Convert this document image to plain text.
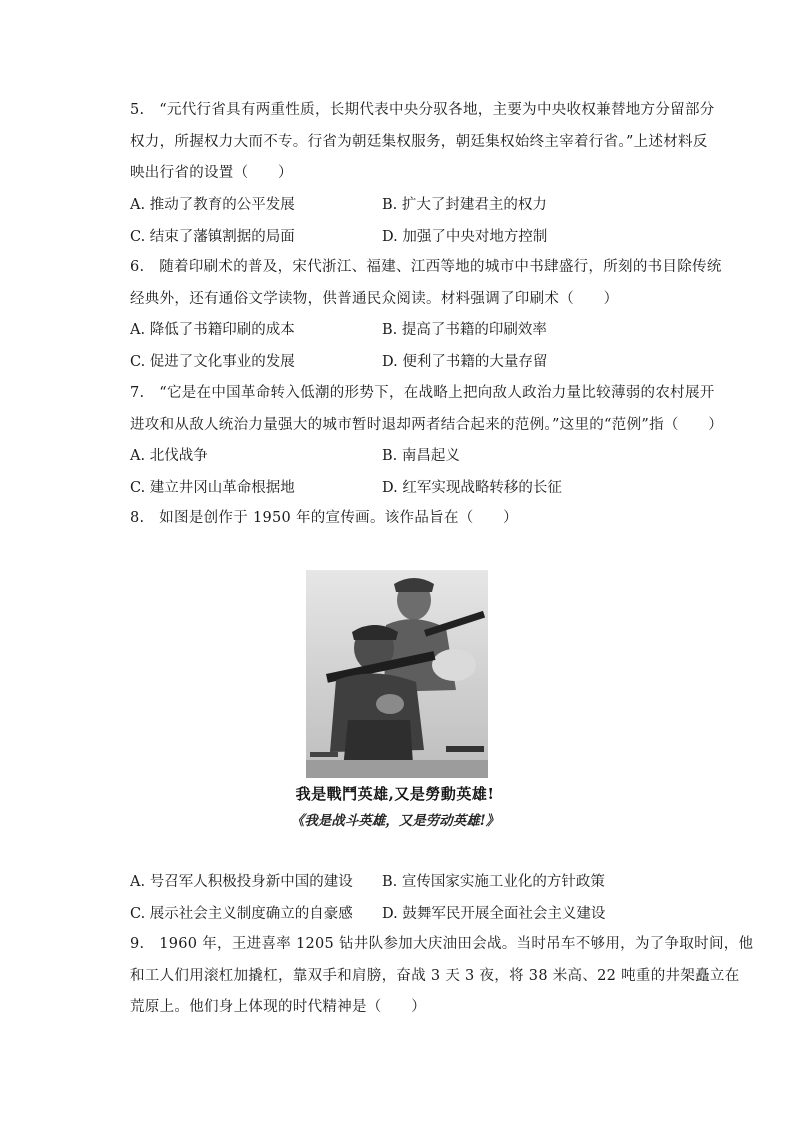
5.　“元代行省具有两重性质，长期代表中央分驭各地，主要为中央收权兼替地方分留部分

权力，所握权力大而不专。行省为朝廷集权服务，朝廷集权始终主宰着行省。”上述材料反

映出行省的设置（　　）

A. 推动了教育的公平发展	B. 扩大了封建君主的权力
C. 结束了藩镇割据的局面	D. 加强了中央对地方控制

6.　随着印刷术的普及，宋代浙江、福建、江西等地的城市中书肆盛行，所刻的书目除传统

经典外，还有通俗文学读物，供普通民众阅读。材料强调了印刷术（　　）

A. 降低了书籍印刷的成本	B. 提高了书籍的印刷效率
C. 促进了文化事业的发展	D. 便利了书籍的大量存留

7.　“它是在中国革命转入低潮的形势下，在战略上把向敌人政治力量比较薄弱的农村展开

进攻和从敌人统治力量强大的城市暂时退却两者结合起来的范例。”这里的“范例”指（　　）

A. 北伐战争	B. 南昌起义
C. 建立井冈山革命根据地	D. 红军实现战略转移的长征

8.　如图是创作于 1950 年的宣传画。该作品旨在（　　）

我是戰鬥英雄,又是勞動英雄!
《我是战斗英雄，又是劳动英雄!》
A. 号召军人积极投身新中国的建设	B. 宣传国家实施工业化的方针政策
C. 展示社会主义制度确立的自豪感	D. 鼓舞军民开展全面社会主义建设

9.　1960 年，王进喜率 1205 钻井队参加大庆油田会战。当时吊车不够用，为了争取时间，他

和工人们用滚杠加撬杠，靠双手和肩膀，奋战 3 天 3 夜，将 38 米高、22 吨重的井架矗立在

荒原上。他们身上体现的时代精神是（　　）
